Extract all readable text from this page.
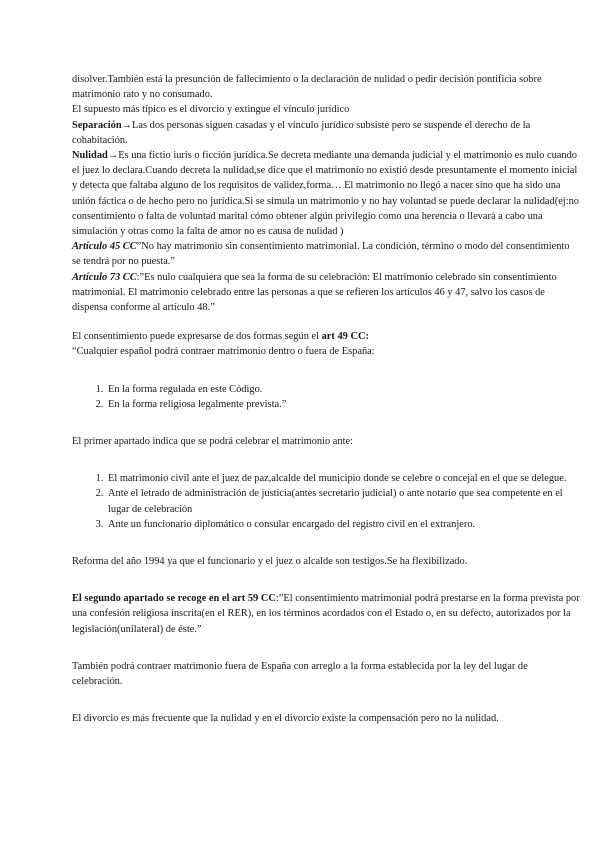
disolver.También está la presunción de fallecimiento o la declaración de nulidad o pedir decisión pontificia sobre matrimonio rato y no consumado.

El supuesto más típico es el divorcio y extingue el vínculo jurídico

Separación→Las dos personas siguen casadas y el vínculo jurídico subsiste pero se suspende el derecho de la cohabitación.

Nulidad→Es una fictio iuris o ficción jurídica.Se decreta mediante una demanda judicial y el matrimonio es nulo cuando el juez lo declara.Cuando decreta la nulidad,se dice que el matrimonio no existió desde presuntamente el momento inicial y detecta que faltaba alguno de los requisitos de validez,forma… El matrimonio no llegó a nacer sino que ha sido una unión fáctica o de hecho pero no jurídica.Si se simula un matrimonio y no hay voluntad se puede declarar la nulidad(ej:no consentimiento o falta de voluntad marital cómo obtener algún privilegio como una herencia o llevará a cabo una simulación y otras como la falta de amor no es causa de nulidad )

Artículo 45 CC”No hay matrimonio sin consentimiento matrimonial. La condición, término o modo del consentimiento se tendrá por no puesta.”

Artículo 73 CC:”Es nulo cualquiera que sea la forma de su celebración: El matrimonio celebrado sin consentimiento matrimonial. El matrimonio celebrado entre las personas a que se refieren los artículos 46 y 47, salvo los casos de dispensa conforme al artículo 48.”

El consentimiento puede expresarse de dos formas según el art 49 CC:

“Cualquier español podrá contraer matrimonio dentro o fuera de España:

1. En la forma regulada en este Código.
2. En la forma religiosa legalmente prevista.”

El primer apartado indica que se podrá celebrar el matrimonio ante:

1. El matrimonio civil ante el juez de paz,alcalde del municipio donde se celebre o concejal en el que se delegue.
2. Ante el letrado de administración de justicia(antes secretario judicial) o ante notario que sea competente en el lugar de celebración
3. Ante un funcionario diplomático o consular encargado del registro civil en el extranjero.

Reforma del año 1994 ya que el funcionario y el juez o alcalde son testigos.Se ha flexibilizado.

El segundo apartado se recoge en el art 59 CC:”El consentimiento matrimonial podrá prestarse en la forma prevista por una confesión religiosa inscrita(en el RER), en los términos acordados con el Estado o, en su defecto, autorizados por la legislación(unilateral) de éste.”

También podrá contraer matrimonio fuera de España con arreglo a la forma establecida por la ley del lugar de celebración.

El divorcio es más frecuente que la nulidad y en el divorcio existe la compensación pero no la nulidad.
